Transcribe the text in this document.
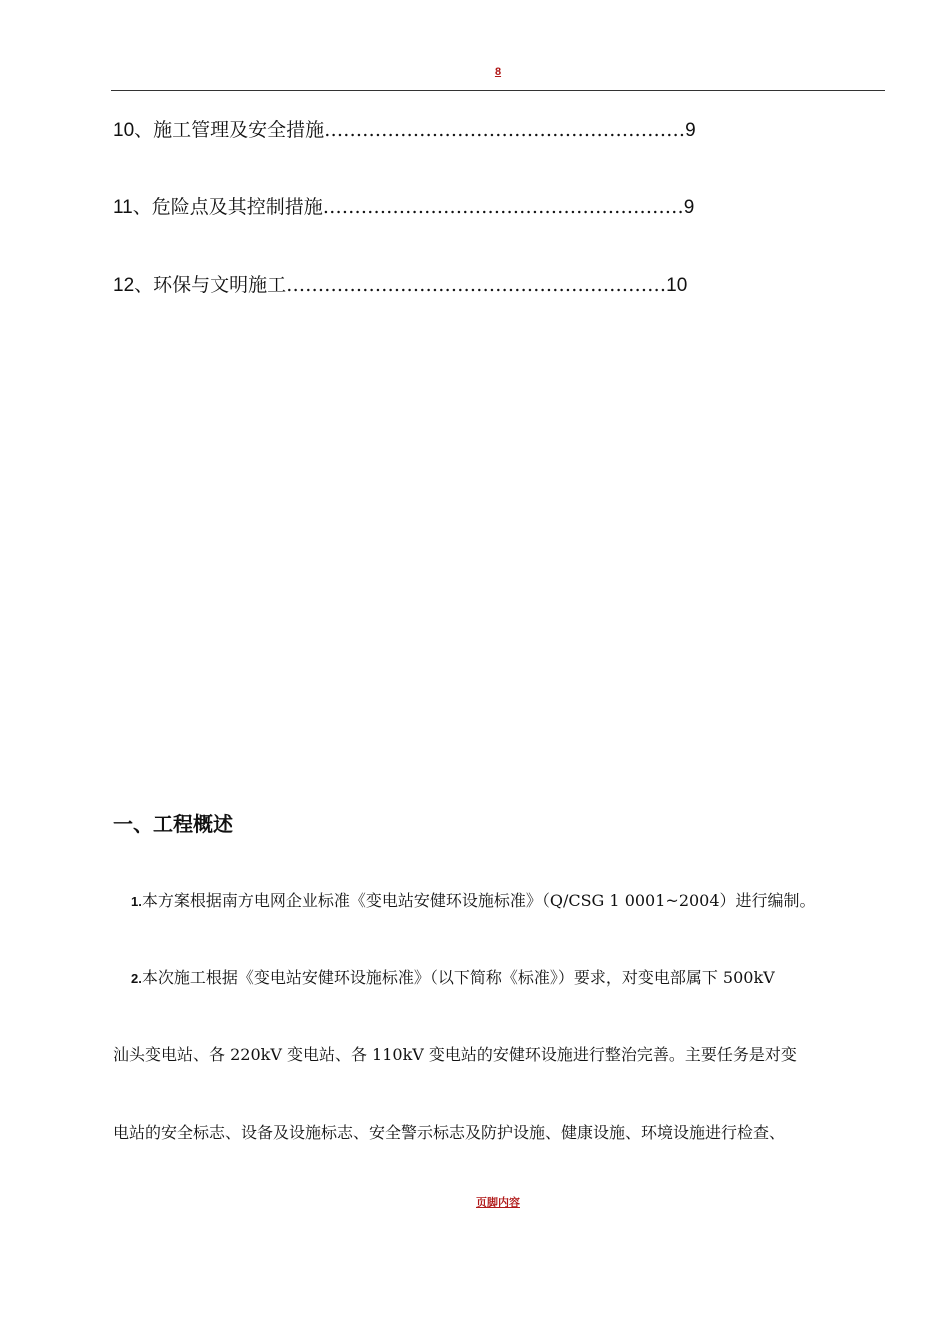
8
10、施工管理及安全措施…………………………………………………9
11、危险点及其控制措施…………………………………………………9
12、环保与文明施工……………………………………………………10
一、工程概述
1.本方案根据南方电网企业标准《变电站安健环设施标准》（Q/CSG 1 0001~2004）进行编制。
2.本次施工根据《变电站安健环设施标准》（以下简称《标准》）要求，对变电部属下 500kV
汕头变电站、各 220kV 变电站、各 110kV 变电站的安健环设施进行整治完善。主要任务是对变
电站的安全标志、设备及设施标志、安全警示标志及防护设施、健康设施、环境设施进行检查、
页脚内容
